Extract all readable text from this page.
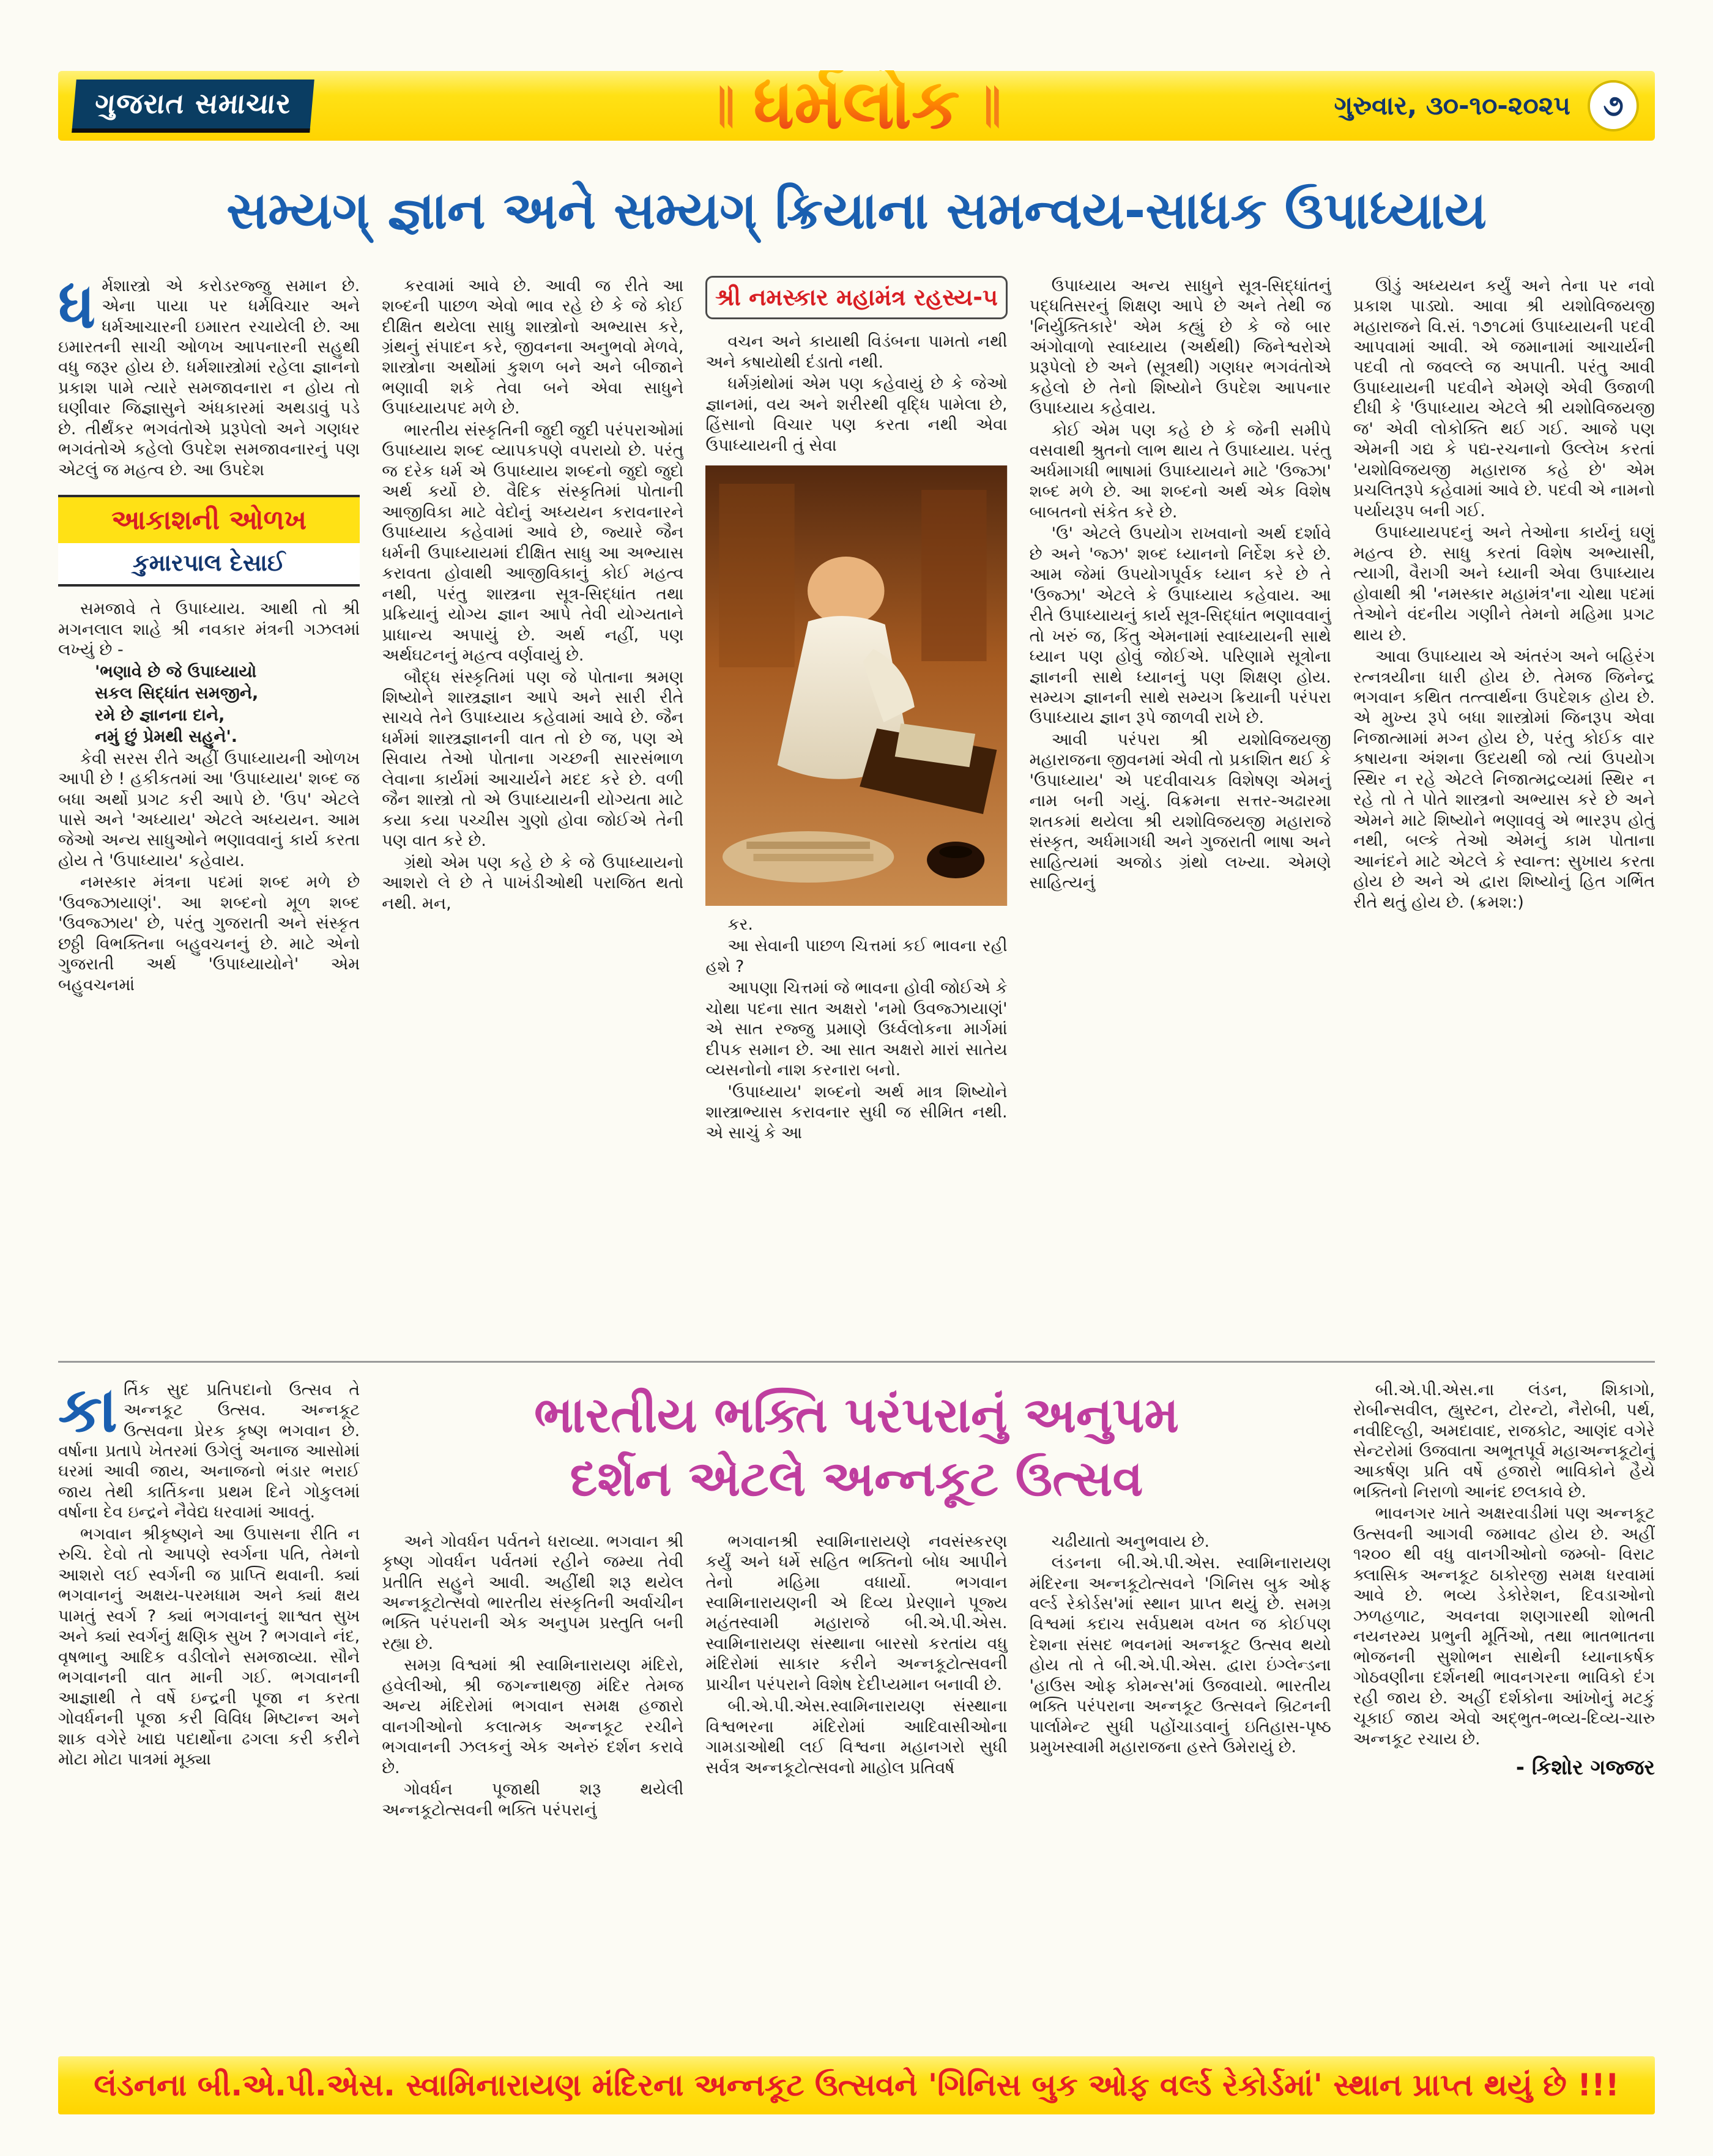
ગુજરાત સમાચાર	॥ ધર્મલોક ॥	ગુરુવાર, ૩૦-૧૦-૨૦૨૫	૭
સમ્યગ્ જ્ઞાન અને સમ્યગ્ ક્રિયાના સમન્વય-સાધક ઉપાધ્યાય

ધર્મશાસ્ત્રો એ કરોડરજ્જુ સમાન છે. એના પાયા પર ધર્મવિચાર અને ધર્મઆચારની ઇમારત રચાયેલી છે. આ ઇમારતની સાચી ઓળખ આપનારની સહુથી વધુ જરૂર હોય છે. ધર્મશાસ્ત્રોમાં રહેલા જ્ઞાનનો પ્રકાશ પામે ત્યારે સમજાવનારા ન હોય તો ઘણીવાર જિજ્ઞાસુને અંધકારમાં અથડાવું પડે છે. તીર્થંકર ભગવંતોએ પ્રરૂપેલો અને ગણધર ભગવંતોએ કહેલો ઉપદેશ સમજાવનારનું પણ એટલું જ મહત્વ છે. આ ઉપદેશ

આકાશની ઓળખ
કુમારપાલ દેસાઈ

સમજાવે તે ઉપાધ્યાય. આથી તો શ્રી મગનલાલ શાહે શ્રી નવકાર મંત્રની ગઝલમાં લખ્યું છે -

'ભણાવે છે જે ઉપાધ્યાયો

સકલ સિદ્ધાંત સમજીને,

રમે છે જ્ઞાનના દાને,

નમું છું પ્રેમથી સહુને'.

કેવી સરસ રીતે અહીં ઉપાધ્યાયની ઓળખ આપી છે ! હકીકતમાં આ 'ઉપાધ્યાય' શબ્દ જ બધા અર્થો પ્રગટ કરી આપે છે. 'ઉપ' એટલે પાસે અને 'અધ્યાય' એટલે અધ્યયન. આમ જેઓ અન્ય સાધુઓને ભણાવવાનું કાર્ય કરતા હોય તે 'ઉપાધ્યાય' કહેવાય.

નમસ્કાર મંત્રના પદમાં શબ્દ મળે છે 'ઉવજ્ઝાયાણં'. આ શબ્દનો મૂળ શબ્દ 'ઉવજ્ઝાય' છે, પરંતુ ગુજરાતી અને સંસ્કૃત છઠ્ઠી વિભક્તિના બહુવચનનું છે. માટે એનો ગુજરાતી અર્થ 'ઉપાધ્યાયોને' એમ બહુવચનમાં

કરવામાં આવે છે. આવી જ રીતે આ શબ્દની પાછળ એવો ભાવ રહે છે કે જે કોઈ દીક્ષિત થયેલા સાધુ શાસ્ત્રોનો અભ્યાસ કરે, ગ્રંથનું સંપાદન કરે, જીવનના અનુભવો મેળવે, શાસ્ત્રોના અર્થોમાં કુશળ બને અને બીજાને ભણાવી શકે તેવા બને એવા સાધુને ઉપાધ્યાયપદ મળે છે.

ભારતીય સંસ્કૃતિની જુદી જુદી પરંપરાઓમાં ઉપાધ્યાય શબ્દ વ્યાપકપણે વપરાયો છે. પરંતુ જ દરેક ધર્મ એ ઉપાધ્યાય શબ્દનો જુદો જુદો અર્થ કર્યો છે. વૈદિક સંસ્કૃતિમાં પોતાની આજીવિકા માટે વેદોનું અધ્યયન કરાવનારને ઉપાધ્યાય કહેવામાં આવે છે, જ્યારે જૈન ધર્મની ઉપાધ્યાયમાં દીક્ષિત સાધુ આ અભ્યાસ કરાવતા હોવાથી આજીવિકાનું કોઈ મહત્વ નથી, પરંતુ શાસ્ત્રના સૂત્ર-સિદ્ધાંત તથા પ્રક્રિયાનું યોગ્ય જ્ઞાન આપે તેવી યોગ્યતાને પ્રાધાન્ય અપાયું છે. અર્થ નહીં, પણ અર્થઘટનનું મહત્વ વર્ણવાયું છે.

બૌદ્ધ સંસ્કૃતિમાં પણ જે પોતાના શ્રમણ શિષ્યોને શાસ્ત્રજ્ઞાન આપે અને સારી રીતે સાચવે તેને ઉપાધ્યાય કહેવામાં આવે છે. જૈન ધર્મમાં શાસ્ત્રજ્ઞાનની વાત તો છે જ, પણ એ સિવાય તેઓ પોતાના ગચ્છની સારસંભાળ લેવાના કાર્યમાં આચાર્યને મદદ કરે છે. વળી જૈન શાસ્ત્રો તો એ ઉપાધ્યાયની યોગ્યતા માટે કયા કયા પચ્ચીસ ગુણો હોવા જોઈએ તેની પણ વાત કરે છે.

ગ્રંથો એમ પણ કહે છે કે જે ઉપાધ્યાયનો આશરો લે છે તે પાખંડીઓથી પરાજિત થતો નથી. મન,

શ્રી નમસ્કાર મહામંત્ર રહસ્ય-૫

વચન અને કાયાથી વિડંબના પામતો નથી અને કષાયોથી દંડાતો નથી.

ધર્મગ્રંથોમાં એમ પણ કહેવાયું છે કે જેઓ જ્ઞાનમાં, વય અને શરીરથી વૃદ્ધિ પામેલા છે, હિંસાનો વિચાર પણ કરતા નથી એવા ઉપાધ્યાયની તું સેવા

કર.

આ સેવાની પાછળ ચિત્તમાં કઈ ભાવના રહી હશે ?

આપણા ચિત્તમાં જે ભાવના હોવી જોઈએ કે ચોથા પદના સાત અક્ષરો 'નમો ઉવજ્ઝાયાણં' એ સાત રજ્જુ પ્રમાણે ઉર્ધ્વલોકના માર્ગમાં દીપક સમાન છે. આ સાત અક્ષરો મારાં સાતેય વ્યસનોનો નાશ કરનારા બનો.

'ઉપાધ્યાય' શબ્દનો અર્થ માત્ર શિષ્યોને શાસ્ત્રાભ્યાસ કરાવનાર સુધી જ સીમિત નથી. એ સાચું કે આ

ઉપાધ્યાય અન્ય સાધુને સૂત્ર-સિદ્ધાંતનું પદ્ધતિસરનું શિક્ષણ આપે છે અને તેથી જ 'નિર્યુક્તિકારે' એમ કહ્યું છે કે જે બાર અંગોવાળો સ્વાધ્યાય (અર્થથી) જિનેશ્વરોએ પ્રરૂપેલો છે અને (સૂત્રથી) ગણધર ભગવંતોએ કહેલો છે તેનો શિષ્યોને ઉપદેશ આપનાર ઉપાધ્યાય કહેવાય.

કોઈ એમ પણ કહે છે કે જેની સમીપે વસવાથી શ્રુતનો લાભ થાય તે ઉપાધ્યાય. પરંતુ અર્ધમાગધી ભાષામાં ઉપાધ્યાયને માટે 'ઉજ્ઝા' શબ્દ મળે છે. આ શબ્દનો અર્થ એક વિશેષ બાબતનો સંકેત કરે છે.

'ઉ' એટલે ઉપયોગ રાખવાનો અર્થ દર્શાવે છે અને 'જ્ઝ' શબ્દ ધ્યાનનો નિર્દેશ કરે છે. આમ જેમાં ઉપયોગપૂર્વક ધ્યાન કરે છે તે 'ઉજ્ઝા' એટલે કે ઉપાધ્યાય કહેવાય. આ રીતે ઉપાધ્યાયનું કાર્ય સૂત્ર-સિદ્ધાંત ભણાવવાનું તો ખરું જ, કિંતુ એમનામાં સ્વાધ્યાયની સાથે ધ્યાન પણ હોવું જોઈએ. પરિણામે સૂત્રોના જ્ઞાનની સાથે ધ્યાનનું પણ શિક્ષણ હોય. સમ્યગ જ્ઞાનની સાથે સમ્યગ ક્રિયાની પરંપરા ઉપાધ્યાય જ્ઞાન રૂપે જાળવી રાખે છે.

આવી પરંપરા શ્રી યશોવિજયજી મહારાજના જીવનમાં એવી તો પ્રકાશિત થઈ કે 'ઉપાધ્યાય' એ પદવીવાચક વિશેષણ એમનું નામ બની ગયું. વિક્રમના સત્તર-અઢારમા શતકમાં થયેલા શ્રી યશોવિજયજી મહારાજે સંસ્કૃત, અર્ધમાગધી અને ગુજરાતી ભાષા અને સાહિત્યમાં અજોડ ગ્રંથો લખ્યા. એમણે સાહિત્યનું

ઊંડું અધ્યયન કર્યું અને તેના પર નવો પ્રકાશ પાડ્યો. આવા શ્રી યશોવિજયજી મહારાજને વિ.સં. ૧૭૧૮માં ઉપાધ્યાયની પદવી આપવામાં આવી. એ જમાનામાં આચાર્યની પદવી તો જવલ્લે જ અપાતી. પરંતુ આવી ઉપાધ્યાયની પદવીને એમણે એવી ઉજાળી દીધી કે 'ઉપાધ્યાય એટલે શ્રી યશોવિજયજી જ' એવી લોકોક્તિ થઈ ગઈ. આજે પણ એમની ગદ્ય કે પદ્ય-રચનાનો ઉલ્લેખ કરતાં 'યશોવિજયજી મહારાજ કહે છે' એમ પ્રચલિતરૂપે કહેવામાં આવે છે. પદવી એ નામનો પર્યાયરૂપ બની ગઈ.

ઉપાધ્યાયપદનું અને તેઓના કાર્યનું ઘણું મહત્વ છે. સાધુ કરતાં વિશેષ અભ્યાસી, ત્યાગી, વૈરાગી અને ધ્યાની એવા ઉપાધ્યાય હોવાથી શ્રી 'નમસ્કાર મહામંત્ર'ના ચોથા પદમાં તેઓને વંદનીય ગણીને તેમનો મહિમા પ્રગટ થાય છે.

આવા ઉપાધ્યાય એ અંતરંગ અને બહિરંગ રત્નત્રયીના ધારી હોય છે. તેમજ જિનેન્દ્ર ભગવાન કથિત તત્ત્વાર્થના ઉપદેશક હોય છે. એ મુખ્ય રૂપે બધા શાસ્ત્રોમાં જિનરૂપ એવા નિજાત્મામાં મગ્ન હોય છે, પરંતુ કોઈક વાર કષાયના અંશના ઉદયથી જો ત્યાં ઉપયોગ સ્થિર ન રહે એટલે નિજાત્મદ્રવ્યમાં સ્થિર ન રહે તો તે પોતે શાસ્ત્રનો અભ્યાસ કરે છે અને એમને માટે શિષ્યોને ભણાવવું એ ભારરૂપ હોતું નથી, બલ્કે તેઓ એમનું કામ પોતાના આનંદને માટે એટલે કે સ્વાન્ત: સુખાય કરતા હોય છે અને એ દ્વારા શિષ્યોનું હિત ગર્ભિત રીતે થતું હોય છે. (ક્રમશ:)

ભારતીય ભક્તિ પરંપરાનું અનુપમ
દર્શન એટલે અન્નકૂટ ઉત્સવ

કાર્તિક સુદ પ્રતિપદાનો ઉત્સવ તે અન્નકૂટ ઉત્સવ. અન્નકૂટ ઉત્સવના પ્રેરક કૃષ્ણ ભગવાન છે. વર્ષાના પ્રતાપે ખેતરમાં ઉગેલું અનાજ આસોમાં ઘરમાં આવી જાય, અનાજનો ભંડાર ભરાઈ જાય તેથી કાર્તિકના પ્રથમ દિને ગોકુલમાં વર્ષાના દેવ ઇન્દ્રને નૈવેદ્ય ધરવામાં આવતું.

ભગવાન શ્રીકૃષ્ણને આ ઉપાસના રીતિ ન રુચિ. દેવો તો આપણે સ્વર્ગના પતિ, તેમનો આશરો લઈ સ્વર્ગની જ પ્રાપ્તિ થવાની. ક્યાં ભગવાનનું અક્ષય-પરમધામ અને ક્યાં ક્ષય પામતું સ્વર્ગ ? ક્યાં ભગવાનનું શાશ્વત સુખ અને ક્યાં સ્વર્ગનું ક્ષણિક સુખ ? ભગવાને નંદ, વૃષભાનુ આદિક વડીલોને સમજાવ્યા. સૌને ભગવાનની વાત માની ગઈ. ભગવાનની આજ્ઞાથી તે વર્ષે ઇન્દ્રની પૂજા ન કરતા ગોવર્ધનની પૂજા કરી વિવિધ મિષ્ટાન્ન અને શાક વગેરે ખાદ્ય પદાર્થોના ઢગલા કરી કરીને મોટા મોટા પાત્રમાં મૂક્યા

અને ગોવર્ધન પર્વતને ધરાવ્યા. ભગવાન શ્રી કૃષ્ણ ગોવર્ધન પર્વતમાં રહીને જમ્યા તેવી પ્રતીતિ સહુને આવી. અહીંથી શરૂ થયેલ અન્નકૂટોત્સવો ભારતીય સંસ્કૃતિની અર્વાચીન ભક્તિ પરંપરાની એક અનુપમ પ્રસ્તુતિ બની રહ્યા છે.

સમગ્ર વિશ્વમાં શ્રી સ્વામિનારાયણ મંદિરો, હવેલીઓ, શ્રી જગન્નાથજી મંદિર તેમજ અન્ય મંદિરોમાં ભગવાન સમક્ષ હજારો વાનગીઓનો કલાત્મક અન્નકૂટ રચીને ભગવાનની ઝલકનું એક અનેરું દર્શન કરાવે છે.

ગોવર્ધન પૂજાથી શરૂ થયેલી અન્નકૂટોત્સવની ભક્તિ પરંપરાનું

ભગવાનશ્રી સ્વામિનારાયણે નવસંસ્કરણ કર્યું અને ધર્મે સહિત ભક્તિનો બોધ આપીને તેનો મહિમા વધાર્યો. ભગવાન સ્વામિનારાયણની એ દિવ્ય પ્રેરણાને પૂજ્ય મહંતસ્વામી મહારાજે બી.એ.પી.એસ. સ્વામિનારાયણ સંસ્થાના બારસો કરતાંય વધુ મંદિરોમાં સાકાર કરીને અન્નકૂટોત્સવની પ્રાચીન પરંપરાને વિશેષ દેદીપ્યમાન બનાવી છે.

બી.એ.પી.એસ.સ્વામિનારાયણ સંસ્થાના વિશ્વભરના મંદિરોમાં આદિવાસીઓના ગામડાઓથી લઈ વિશ્વના મહાનગરો સુધી સર્વત્ર અન્નકૂટોત્સવનો માહોલ પ્રતિવર્ષ

ચઢીયાતો અનુભવાય છે.

લંડનના બી.એ.પી.એસ. સ્વામિનારાયણ મંદિરના અન્નકૂટોત્સવને 'ગિનિસ બુક ઓફ વર્લ્ડ રેકોર્ડસ'માં સ્થાન પ્રાપ્ત થયું છે. સમગ્ર વિશ્વમાં કદાચ સર્વપ્રથમ વખત જ કોઈપણ દેશના સંસદ ભવનમાં અન્નકૂટ ઉત્સવ થયો હોય તો તે બી.એ.પી.એસ. દ્વારા ઇંગ્લેન્ડના 'હાઉસ ઓફ કોમન્સ'માં ઉજવાયો. ભારતીય ભક્તિ પરંપરાના અન્નકૂટ ઉત્સવને બ્રિટનની પાર્લામેન્ટ સુધી પહોંચાડવાનું ઇતિહાસ-પૃષ્ઠ પ્રમુખસ્વામી મહારાજના હસ્તે ઉમેરાયું છે.

બી.એ.પી.એસ.ના લંડન, શિકાગો, રોબીન્સવીલ, હ્યુસ્ટન, ટોરન્ટો, નૈરોબી, પર્થ, નવીદિલ્હી, અમદાવાદ, રાજકોટ, આણંદ વગેરે સેન્ટરોમાં ઉજવાતા અભૂતપૂર્વ મહાઅન્નકૂટોનું આકર્ષણ પ્રતિ વર્ષે હજારો ભાવિકોને હૈયે ભક્તિનો નિરાળો આનંદ છલકાવે છે.

ભાવનગર ખાતે અક્ષરવાડીમાં પણ અન્નકૂટ ઉત્સવની આગવી જમાવટ હોય છે. અહીં ૧૨૦૦ થી વધુ વાનગીઓનો જમ્બો- વિરાટ ક્લાસિક અન્નકૂટ ઠાકોરજી સમક્ષ ધરવામાં આવે છે. ભવ્ય ડેકોરેશન, દિવડાઓનો ઝળહળાટ, અવનવા શણગારથી શોભતી નયનરમ્ય પ્રભુની મૂર્તિઓ, તથા ભાતભાતના ભોજનની સુશોભન સાથેની ધ્યાનાકર્ષક ગોઠવણીના દર્શનથી ભાવનગરના ભાવિકો દંગ રહી જાય છે. અહીં દર્શકોના આંખોનું મટકું ચૂકાઈ જાય એવો અદ્ભુત-ભવ્ય-દિવ્ય-ચારુ અન્નકૂટ રચાય છે.

- કિશોર ગજ્જર
લંડનના બી.એ.પી.એસ. સ્વામિનારાયણ મંદિરના અન્નકૂટ ઉત્સવને 'ગિનિસ બુક ઓફ વર્લ્ડ રેકોર્ડમાં' સ્થાન પ્રાપ્ત થયું છે !!!
